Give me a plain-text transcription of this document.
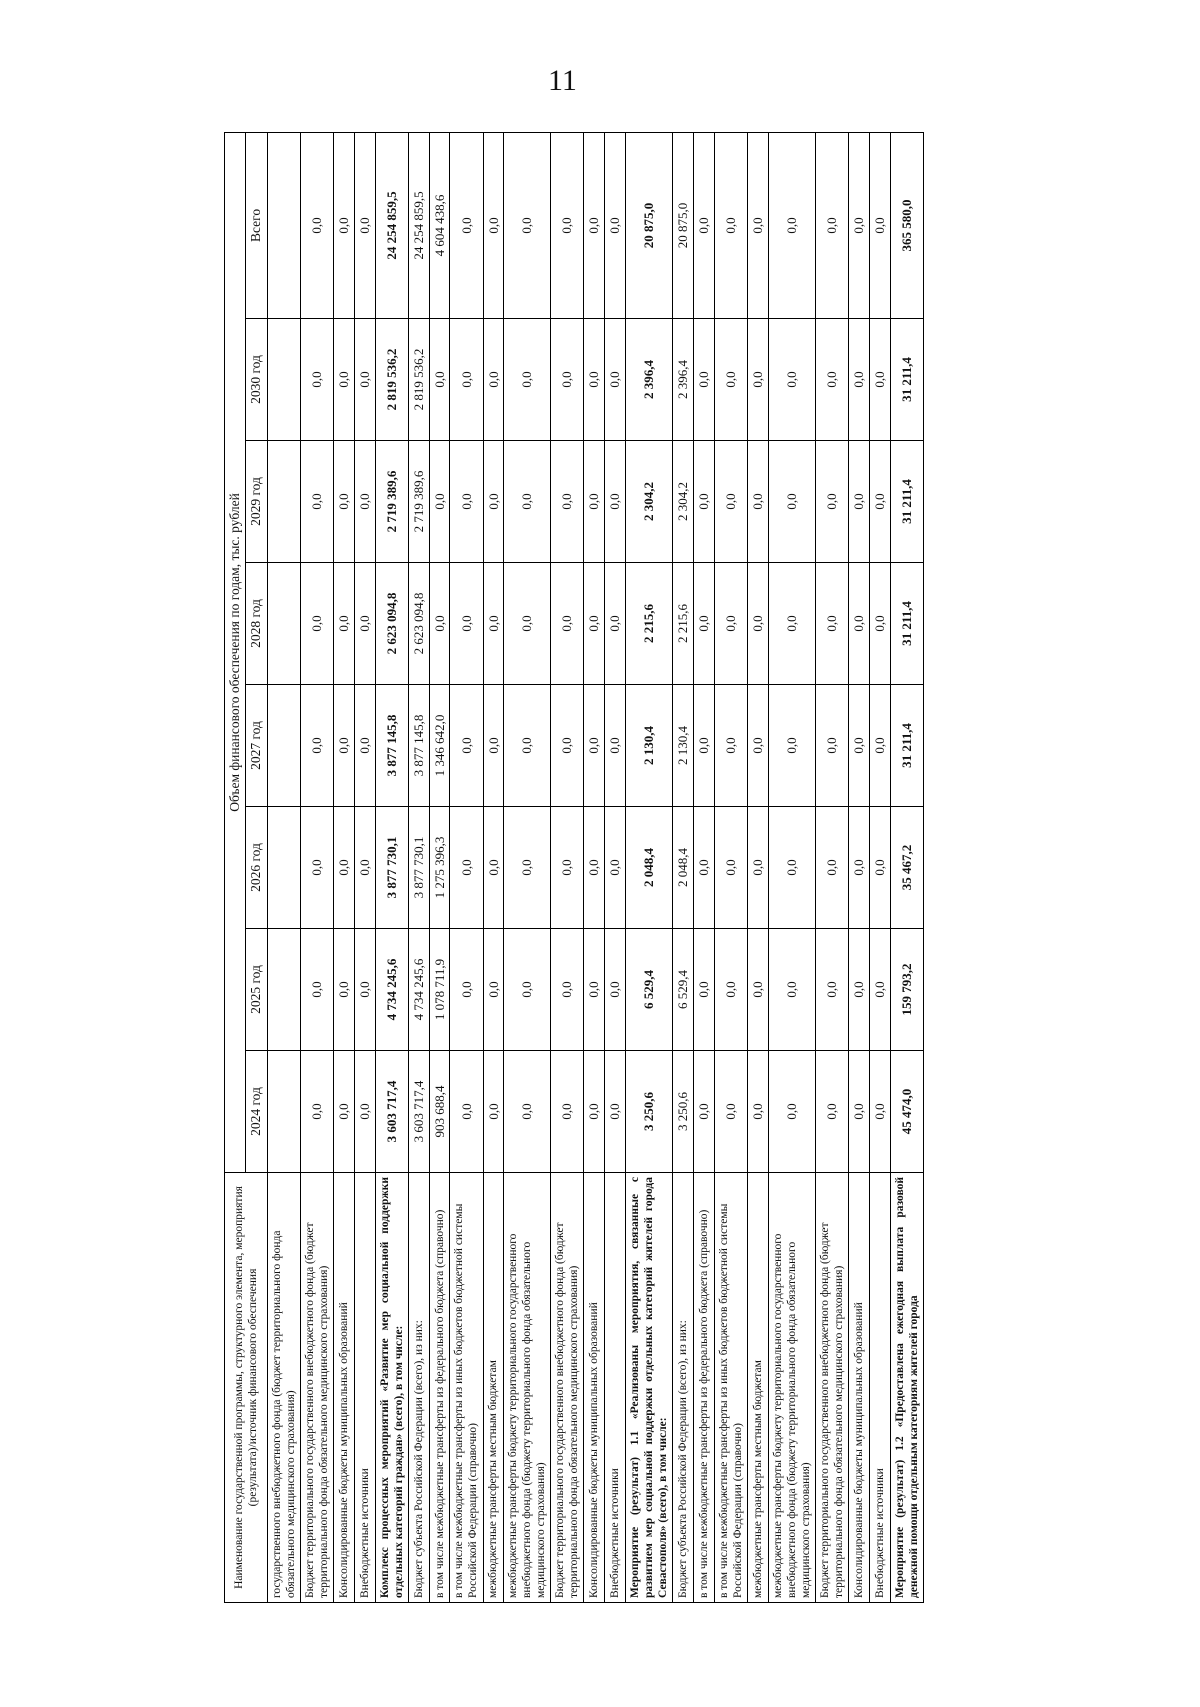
11
Наименование государственной программы, структурного элемента, мероприятия (результата)/источник финансового обеспечения	Объем финансового обеспечения по годам, тыс. рублей							
	2024 год	2025 год	2026 год	2027 год	2028 год	2029 год	2030 год	Всего
государственного внебюджетного фонда (бюджет территориального фонда обязательного медицинского страхования)								
Бюджет территориального государственного внебюджетного фонда (бюджет территориального фонда обязательного медицинского страхования)	0,0	0,0	0,0	0,0	0,0	0,0	0,0	0,0
Консолидированные бюджеты муниципальных образований	0,0	0,0	0,0	0,0	0,0	0,0	0,0	0,0
Внебюджетные источники	0,0	0,0	0,0	0,0	0,0	0,0	0,0	0,0
Комплекс процессных мероприятий «Развитие мер социальной поддержки отдельных категорий граждан» (всего), в том числе:	3 603 717,4	4 734 245,6	3 877 730,1	3 877 145,8	2 623 094,8	2 719 389,6	2 819 536,2	24 254 859,5
Бюджет субъекта Российской Федерации (всего), из них:	3 603 717,4	4 734 245,6	3 877 730,1	3 877 145,8	2 623 094,8	2 719 389,6	2 819 536,2	24 254 859,5
в том числе межбюджетные трансферты из федерального бюджета (справочно)	903 688,4	1 078 711,9	1 275 396,3	1 346 642,0	0,0	0,0	0,0	4 604 438,6
в том числе межбюджетные трансферты из иных бюджетов бюджетной системы Российской Федерации (справочно)	0,0	0,0	0,0	0,0	0,0	0,0	0,0	0,0
межбюджетные трансферты местным бюджетам	0,0	0,0	0,0	0,0	0,0	0,0	0,0	0,0
межбюджетные трансферты бюджету территориального государственного внебюджетного фонда (бюджету территориального фонда обязательного медицинского страхования)	0,0	0,0	0,0	0,0	0,0	0,0	0,0	0,0
Бюджет территориального государственного внебюджетного фонда (бюджет территориального фонда обязательного медицинского страхования)	0,0	0,0	0,0	0,0	0,0	0,0	0,0	0,0
Консолидированные бюджеты муниципальных образований	0,0	0,0	0,0	0,0	0,0	0,0	0,0	0,0
Внебюджетные источники	0,0	0,0	0,0	0,0	0,0	0,0	0,0	0,0
Мероприятие (результат) 1.1 «Реализованы мероприятия, связанные с развитием мер социальной поддержки отдельных категорий жителей города Севастополя» (всего), в том числе:	3 250,6	6 529,4	2 048,4	2 130,4	2 215,6	2 304,2	2 396,4	20 875,0
Бюджет субъекта Российской Федерации (всего), из них:	3 250,6	6 529,4	2 048,4	2 130,4	2 215,6	2 304,2	2 396,4	20 875,0
в том числе межбюджетные трансферты из федерального бюджета (справочно)	0,0	0,0	0,0	0,0	0,0	0,0	0,0	0,0
в том числе межбюджетные трансферты из иных бюджетов бюджетной системы Российской Федерации (справочно)	0,0	0,0	0,0	0,0	0,0	0,0	0,0	0,0
межбюджетные трансферты местным бюджетам	0,0	0,0	0,0	0,0	0,0	0,0	0,0	0,0
межбюджетные трансферты бюджету территориального государственного внебюджетного фонда (бюджету территориального фонда обязательного медицинского страхования)	0,0	0,0	0,0	0,0	0,0	0,0	0,0	0,0
Бюджет территориального государственного внебюджетного фонда (бюджет территориального фонда обязательного медицинского страхования)	0,0	0,0	0,0	0,0	0,0	0,0	0,0	0,0
Консолидированные бюджеты муниципальных образований	0,0	0,0	0,0	0,0	0,0	0,0	0,0	0,0
Внебюджетные источники	0,0	0,0	0,0	0,0	0,0	0,0	0,0	0,0
Мероприятие (результат) 1.2 «Предоставлена ежегодная выплата разовой денежной помощи отдельным категориям жителей города	45 474,0	159 793,2	35 467,2	31 211,4	31 211,4	31 211,4	31 211,4	365 580,0
